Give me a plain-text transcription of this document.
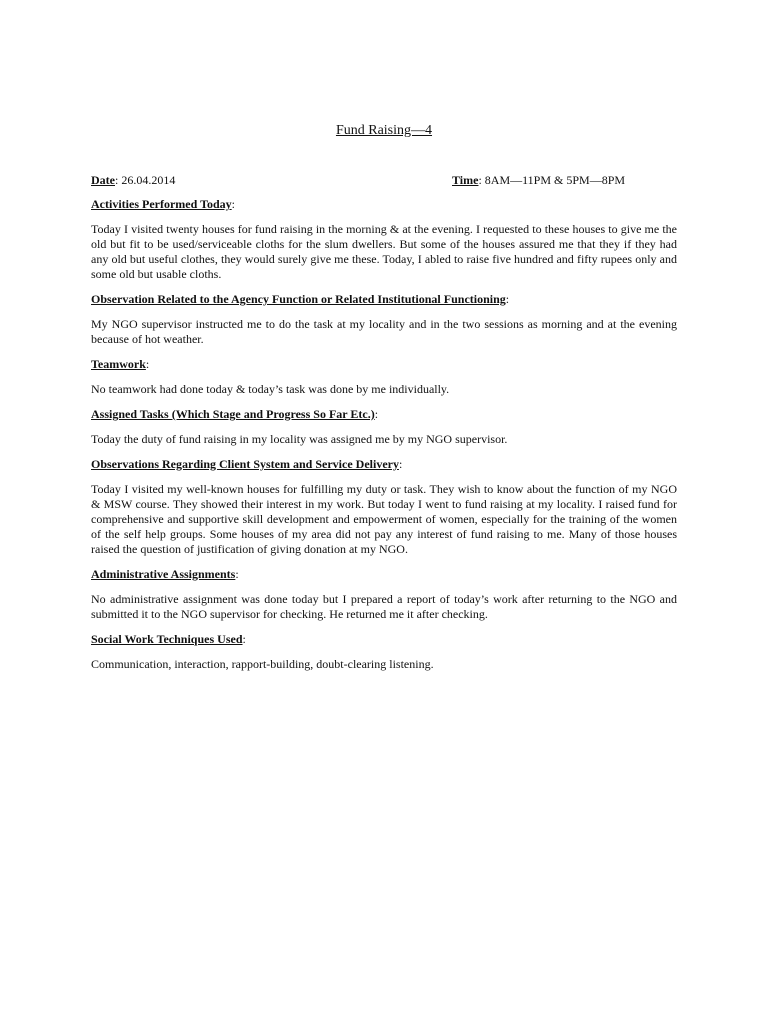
Fund Raising—4
Date: 26.04.2014	Time: 8AM—11PM & 5PM—8PM
Activities Performed Today:

Today I visited twenty houses for fund raising in the morning & at the evening. I requested to these houses to give me the old but fit to be used/serviceable cloths for the slum dwellers. But some of the houses assured me that they if they had any old but useful clothes, they would surely give me these. Today, I abled to raise five hundred and fifty rupees only and some old but usable cloths.

Observation Related to the Agency Function or Related Institutional Functioning:

My NGO supervisor instructed me to do the task at my locality and in the two sessions as morning and at the evening because of hot weather.

Teamwork:

No teamwork had done today & today’s task was done by me individually.

Assigned Tasks (Which Stage and Progress So Far Etc.):

Today the duty of fund raising in my locality was assigned me by my NGO supervisor.

Observations Regarding Client System and Service Delivery:

Today I visited my well-known houses for fulfilling my duty or task. They wish to know about the function of my NGO & MSW course. They showed their interest in my work. But today I went to fund raising at my locality. I raised fund for comprehensive and supportive skill development and empowerment of women, especially for the training of the women of the self help groups. Some houses of my area did not pay any interest of fund raising to me. Many of those houses raised the question of justification of giving donation at my NGO.

Administrative Assignments:

No administrative assignment was done today but I prepared a report of today’s work after returning to the NGO and submitted it to the NGO supervisor for checking. He returned me it after checking.

Social Work Techniques Used:

Communication, interaction, rapport-building, doubt-clearing listening.
